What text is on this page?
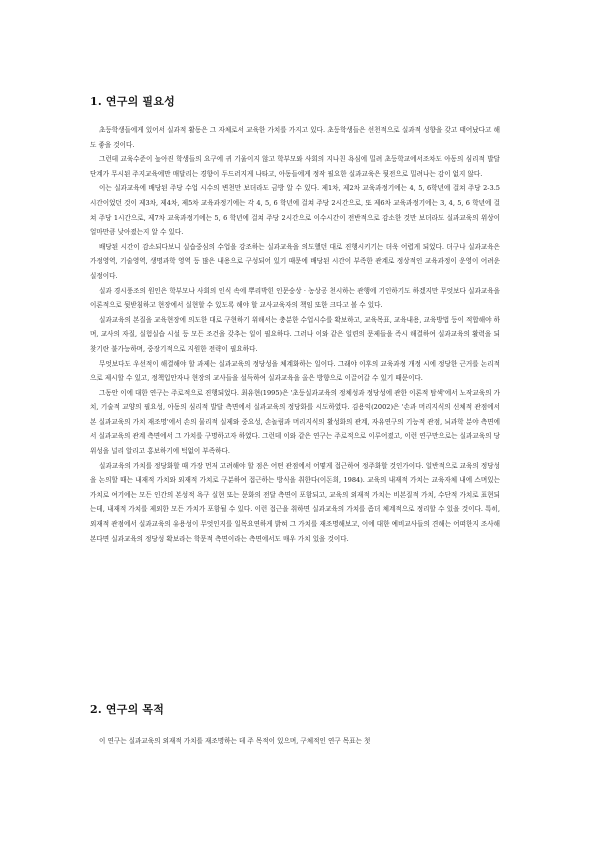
1. 연구의 필요성

초등학생들에게 있어서 실과적 활동은 그 자체로서 교육한 가치를 가지고 있다. 초등학생들은 선천적으로 실과적 성향을 갖고 태어났다고 해도 좋을 것이다.

그런데 교육수준이 높아진 학생들의 요구에 귀 기울이지 않고 학부모와 사회의 지나친 욕심에 밀려 초등학교에서조차도 아동의 심리적 발달 단계가 무시된 주지교육에만 매달리는 경향이 두드러지게 나타고, 아동들에게 정작 필요한 실과교육은 뒷전으로 밀려나는 감이 없지 않다.

이는 실과교육에 배당된 주당 수업 시수의 변천만 보더라도 금방 알 수 있다. 제1차, 제2차 교육과정기에는 4, 5, 6학년에 걸쳐 주당 2-3.5 시간이었던 것이 제3차, 제4차, 제5차 교육과정기에는 각 4, 5, 6 학년에 걸쳐 주당 2시간으로, 또 제6차 교육과정기에는 3, 4, 5, 6 학년에 걸쳐 주당 1시간으로, 제7차 교육과정기에는 5, 6 학년에 걸쳐 주당 2시간으로 이수시간이 전반적으로 감소한 것만 보더라도 실과교육의 위상이 얼마만큼 낮아졌는지 알 수 있다.

배당된 시간이 감소되다보니 실습중심의 수업을 강조하는 실과교육을 의도했던 대로 진행시키기는 더욱 어렵게 되었다. 더구나 실과교육은 가정영역, 기술영역, 생명과학 영역 등 많은 내용으로 구성되어 있기 때문에 배당된 시간이 부족한 관계로 정상적인 교육과정이 운영이 어려운 실정이다.

실과 경시풍조의 원인은 학부모나 사회의 인식 속에 뿌리박힌 인문숭상 · 농상공 천시하는 관행에 기인하기도 하겠지만 무엇보다 실과교육을 이론적으로 뒷받침하고 현장에서 실현할 수 있도록 해야 할 교사교육자의 책임 또한 크다고 볼 수 있다.

실과교육의 본질을 교육현장에 의도한 대로 구현하기 위해서는 충분한 수업시수를 확보하고, 교육목표, 교육내용, 교육방법 등이 적합해야 하며, 교사의 자질, 실험실습 시설 등 모든 조건을 갖추는 일이 필요하다. 그러나 이와 같은 일련의 문제들을 즉시 해결하여 실과교육의 활력을 되찾기란 불가능하며, 중장기적으로 지원한 전략이 필요하다.

무엇보다도 우선적이 해결해야 할 과제는 실과교육의 정당성을 체계화하는 일이다. 그래야 이후의 교육과정 개정 시에 정당한 근거를 논리적으로 제시할 수 있고, 정책입안자나 현장의 교사들을 설득하여 실과교육을 올은 방향으로 이끌어갈 수 있기 때문이다.

그동안 이에 대한 연구는 주로적으로 진행되었다. 최유현(1995)은 '초등실과교육의 정체성과 정당성에 관한 이론적 탐색'에서 노작교육의 가치, 기술적 교양의 필요성, 아동의 심리적 발달 측면에서 실과교육의 정당화를 시도하였다. 김용익(2002)은 '손과 머리지식의 신체적 관점에서 본 실과교육의 가치 재조명'에서 손의 물리적 실제와 중요성, 손놀림과 머리지식의 활성화의 관계, 자유연구의 기능적 관점, 뇌과학 분야 측면에서 실과교육의 관계 측면에서 그 가치를 구명하고자 하였다. 그런데 이와 같은 연구는 주로적으로 이루어졌고, 이런 연구만으로는 실과교육의 당위성을 널리 알리고 홍보하기에 턱없이 부족하다.

실과교육의 가치를 정당화할 때 가장 먼저 고려해야 할 점은 어떤 관점에서 어떻게 접근하여 정주화할 것인가이다. 일반적으로 교육의 정당성을 논의할 때는 내재적 가치와 외재적 가치로 구분하여 접근하는 방식을 취한다(이돈희, 1984). 교육의 내재적 가치는 교육자체 내에 스며있는 가치로 여기에는 모든 인간의 본성적 욕구 실현 또는 문화의 전달 측면이 포함되고, 교육의 외재적 가치는 비본질적 가치, 수단적 가치로 표현되는데, 내재적 가치를 제외한 모든 가치가 포함될 수 있다. 이런 접근을 취하면 실과교육의 가치를 좀더 체계적으로 정리할 수 있을 것이다. 특히, 외재적 관점에서 실과교육의 유용성이 무엇인지를 일목요연하게 밝혀 그 가치를 재조명해보고, 이에 대한 예비교사들의 견해는 어떠한지 조사해본다면 실과교육의 정당성 확보라는 학문적 측면이라는 측면에서도 매우 가치 있을 것이다.

2. 연구의 목적

이 연구는 실과교육의 외재적 가치를 재조명하는 데 주 목적이 있으며, 구체적인 연구 목표는 첫
